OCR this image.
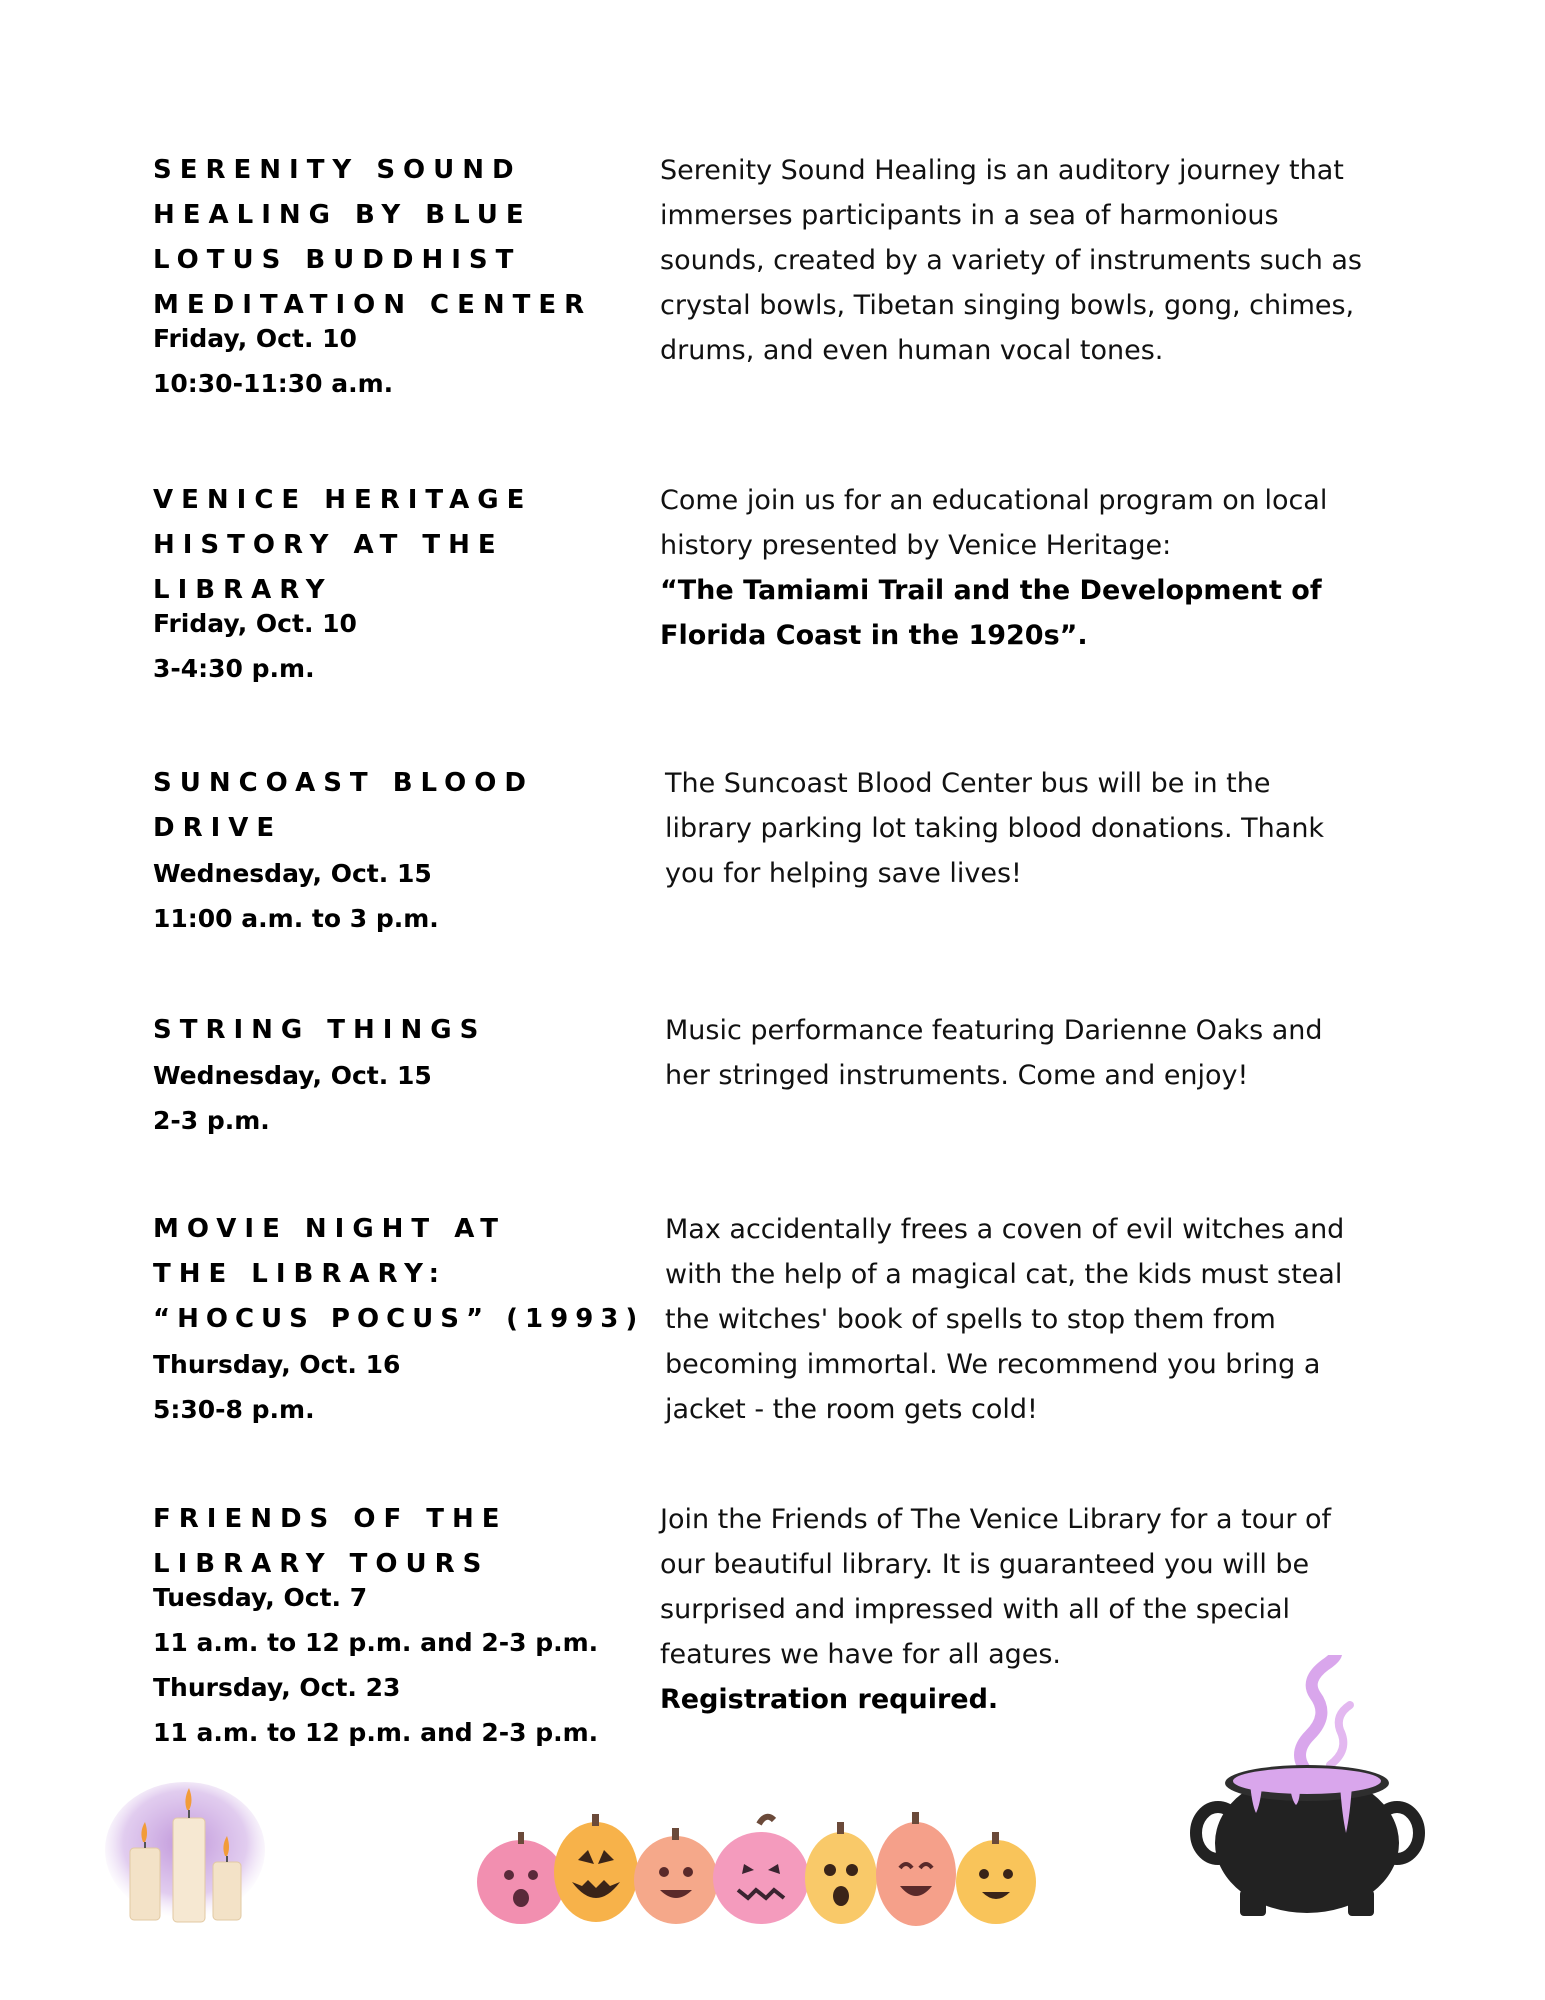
SERENITY SOUND
HEALING BY BLUE
LOTUS BUDDHIST
MEDITATION CENTER
Friday, Oct. 10
10:30-11:30 a.m.
Serenity Sound Healing is an auditory journey that
immerses participants in a sea of harmonious
sounds, created by a variety of instruments such as
crystal bowls, Tibetan singing bowls, gong, chimes,
drums, and even human vocal tones.
VENICE HERITAGE
HISTORY AT THE
LIBRARY
Friday, Oct. 10
3-4:30 p.m.
Come join us for an educational program on local
history presented by Venice Heritage:
“The Tamiami Trail and the Development of
Florida Coast in the 1920s”.
SUNCOAST BLOOD
DRIVE
Wednesday, Oct. 15
11:00 a.m. to 3 p.m.
The Suncoast Blood Center bus will be in the
library parking lot taking blood donations. Thank
you for helping save lives!
STRING THINGS
Wednesday, Oct. 15
2-3 p.m.
Music performance featuring Darienne Oaks and
her stringed instruments. Come and enjoy!
MOVIE NIGHT AT
THE LIBRARY:
“HOCUS POCUS” (1993)
Thursday, Oct. 16
5:30-8 p.m.
Max accidentally frees a coven of evil witches and
with the help of a magical cat, the kids must steal
the witches' book of spells to stop them from
becoming immortal. We recommend you bring a
jacket - the room gets cold!
FRIENDS OF THE
LIBRARY TOURS
Tuesday, Oct. 7
11 a.m. to 12 p.m. and 2-3 p.m.
Thursday, Oct. 23
11 a.m. to 12 p.m. and 2-3 p.m.
Join the Friends of The Venice Library for a tour of
our beautiful library. It is guaranteed you will be
surprised and impressed with all of the special
features we have for all ages.
Registration required.
